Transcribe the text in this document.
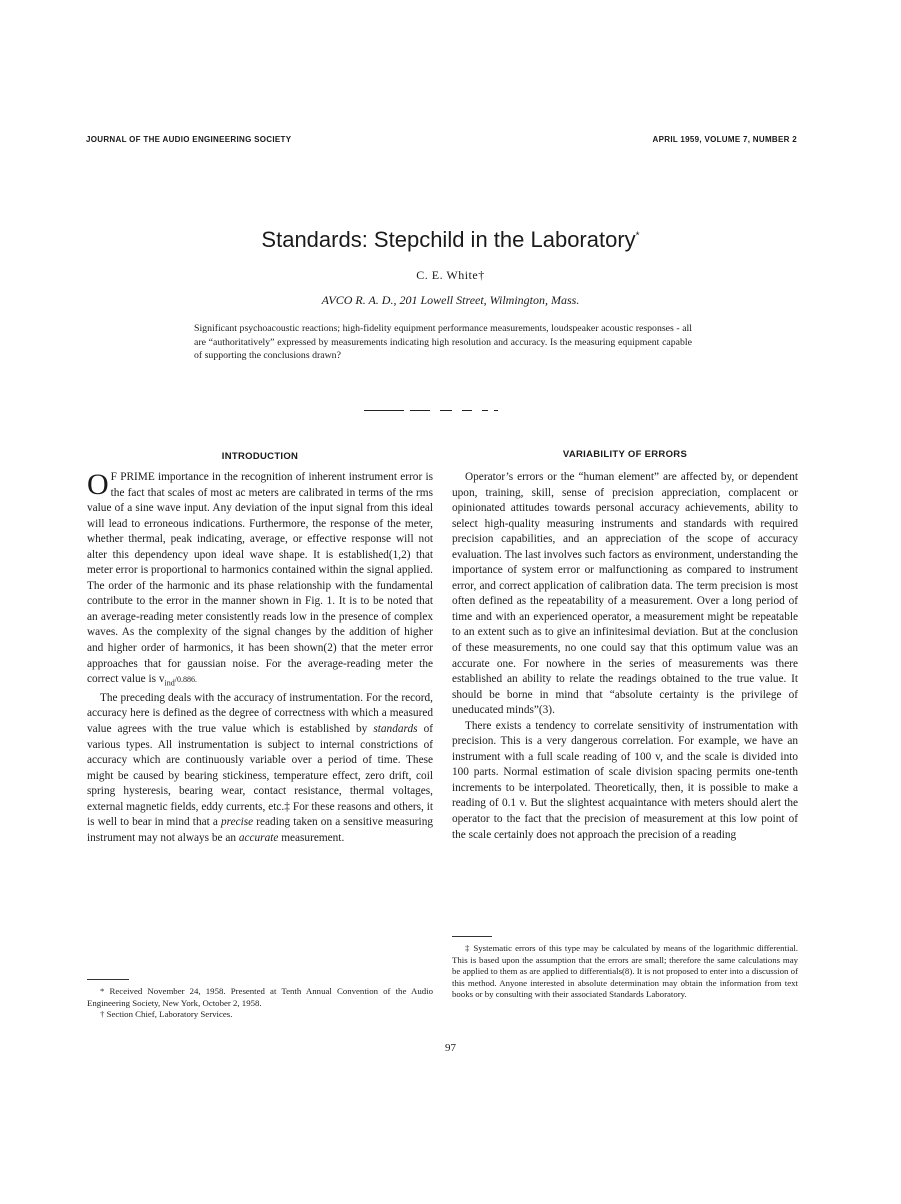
JOURNAL OF THE AUDIO ENGINEERING SOCIETY	APRIL 1959, VOLUME 7, NUMBER 2
Standards: Stepchild in the Laboratory*
C. E. White†
AVCO R. A. D., 201 Lowell Street, Wilmington, Mass.
Significant psychoacoustic reactions; high-fidelity equipment performance measurements, loudspeaker acoustic responses - all are “authoritatively” expressed by measurements indicating high resolution and accuracy. Is the measuring equipment capable of supporting the conclusions drawn?
INTRODUCTION	VARIABILITY OF ERRORS

O F PRIME importance in the recognition of inherent instrument error is the fact that scales of most ac meters are calibrated in terms of the rms value of a sine wave input. Any deviation of the input signal from this ideal will lead to erroneous indications. Furthermore, the response of the meter, whether thermal, peak indicating, average, or effective response will not alter this dependency upon ideal wave shape. It is established(1,2) that meter error is proportional to harmonics contained within the signal applied. The order of the harmonic and its phase relationship with the fundamental contribute to the error in the manner shown in Fig. 1. It is to be noted that an average-reading meter consistently reads low in the presence of complex waves. As the complexity of the signal changes by the addition of higher and higher order of harmonics, it has been shown(2) that the meter error approaches that for gaussian noise. For the average-reading meter the correct value is $v_{ind}/0.886$.

The preceding deals with the accuracy of instrumentation. For the record, accuracy here is defined as the degree of correctness with which a measured value agrees with the true value which is established by standards of various types. All instrumentation is subject to internal constrictions of accuracy which are continuously variable over a period of time. These might be caused by bearing stickiness, temperature effect, zero drift, coil spring hysteresis, bearing wear, contact resistance, thermal voltages, external magnetic fields, eddy currents, etc.‡ For these reasons and others, it is well to bear in mind that a precise reading taken on a sensitive measuring instrument may not always be an accurate measurement.

Operator’s errors or the “human element” are affected by, or dependent upon, training, skill, sense of precision appreciation, complacent or opinionated attitudes towards personal accuracy achievements, ability to select high-quality measuring instruments and standards with required precision capabilities, and an appreciation of the scope of accuracy evaluation. The last involves such factors as environment, understanding the importance of system error or malfunctioning as compared to instrument error, and correct application of calibration data. The term precision is most often defined as the repeatability of a measurement. Over a long period of time and with an experienced operator, a measurement might be repeatable to an extent such as to give an infinitesimal deviation. But at the conclusion of these measurements, no one could say that this optimum value was an accurate one. For nowhere in the series of measurements was there established an ability to relate the readings obtained to the true value. It should be borne in mind that “absolute certainty is the privilege of uneducated minds”(3).

There exists a tendency to correlate sensitivity of instrumentation with precision. This is a very dangerous correlation. For example, we have an instrument with a full scale reading of 100 v, and the scale is divided into 100 parts. Normal estimation of scale division spacing permits one-tenth increments to be interpolated. Theoretically, then, it is possible to make a reading of 0.1 v. But the slightest acquaintance with meters should alert the operator to the fact that the precision of measurement at this low point of the scale certainly does not approach the precision of a reading

* Received November 24, 1958. Presented at Tenth Annual Convention of the Audio Engineering Society, New York, October 2, 1958.

† Section Chief, Laboratory Services.

‡ Systematic errors of this type may be calculated by means of the logarithmic differential. This is based upon the assumption that the errors are small; therefore the same calculations may be applied to them as are applied to differentials(8). It is not proposed to enter into a discussion of this method. Anyone interested in absolute determination may obtain the information from text books or by consulting with their associated Standards Laboratory.

97
